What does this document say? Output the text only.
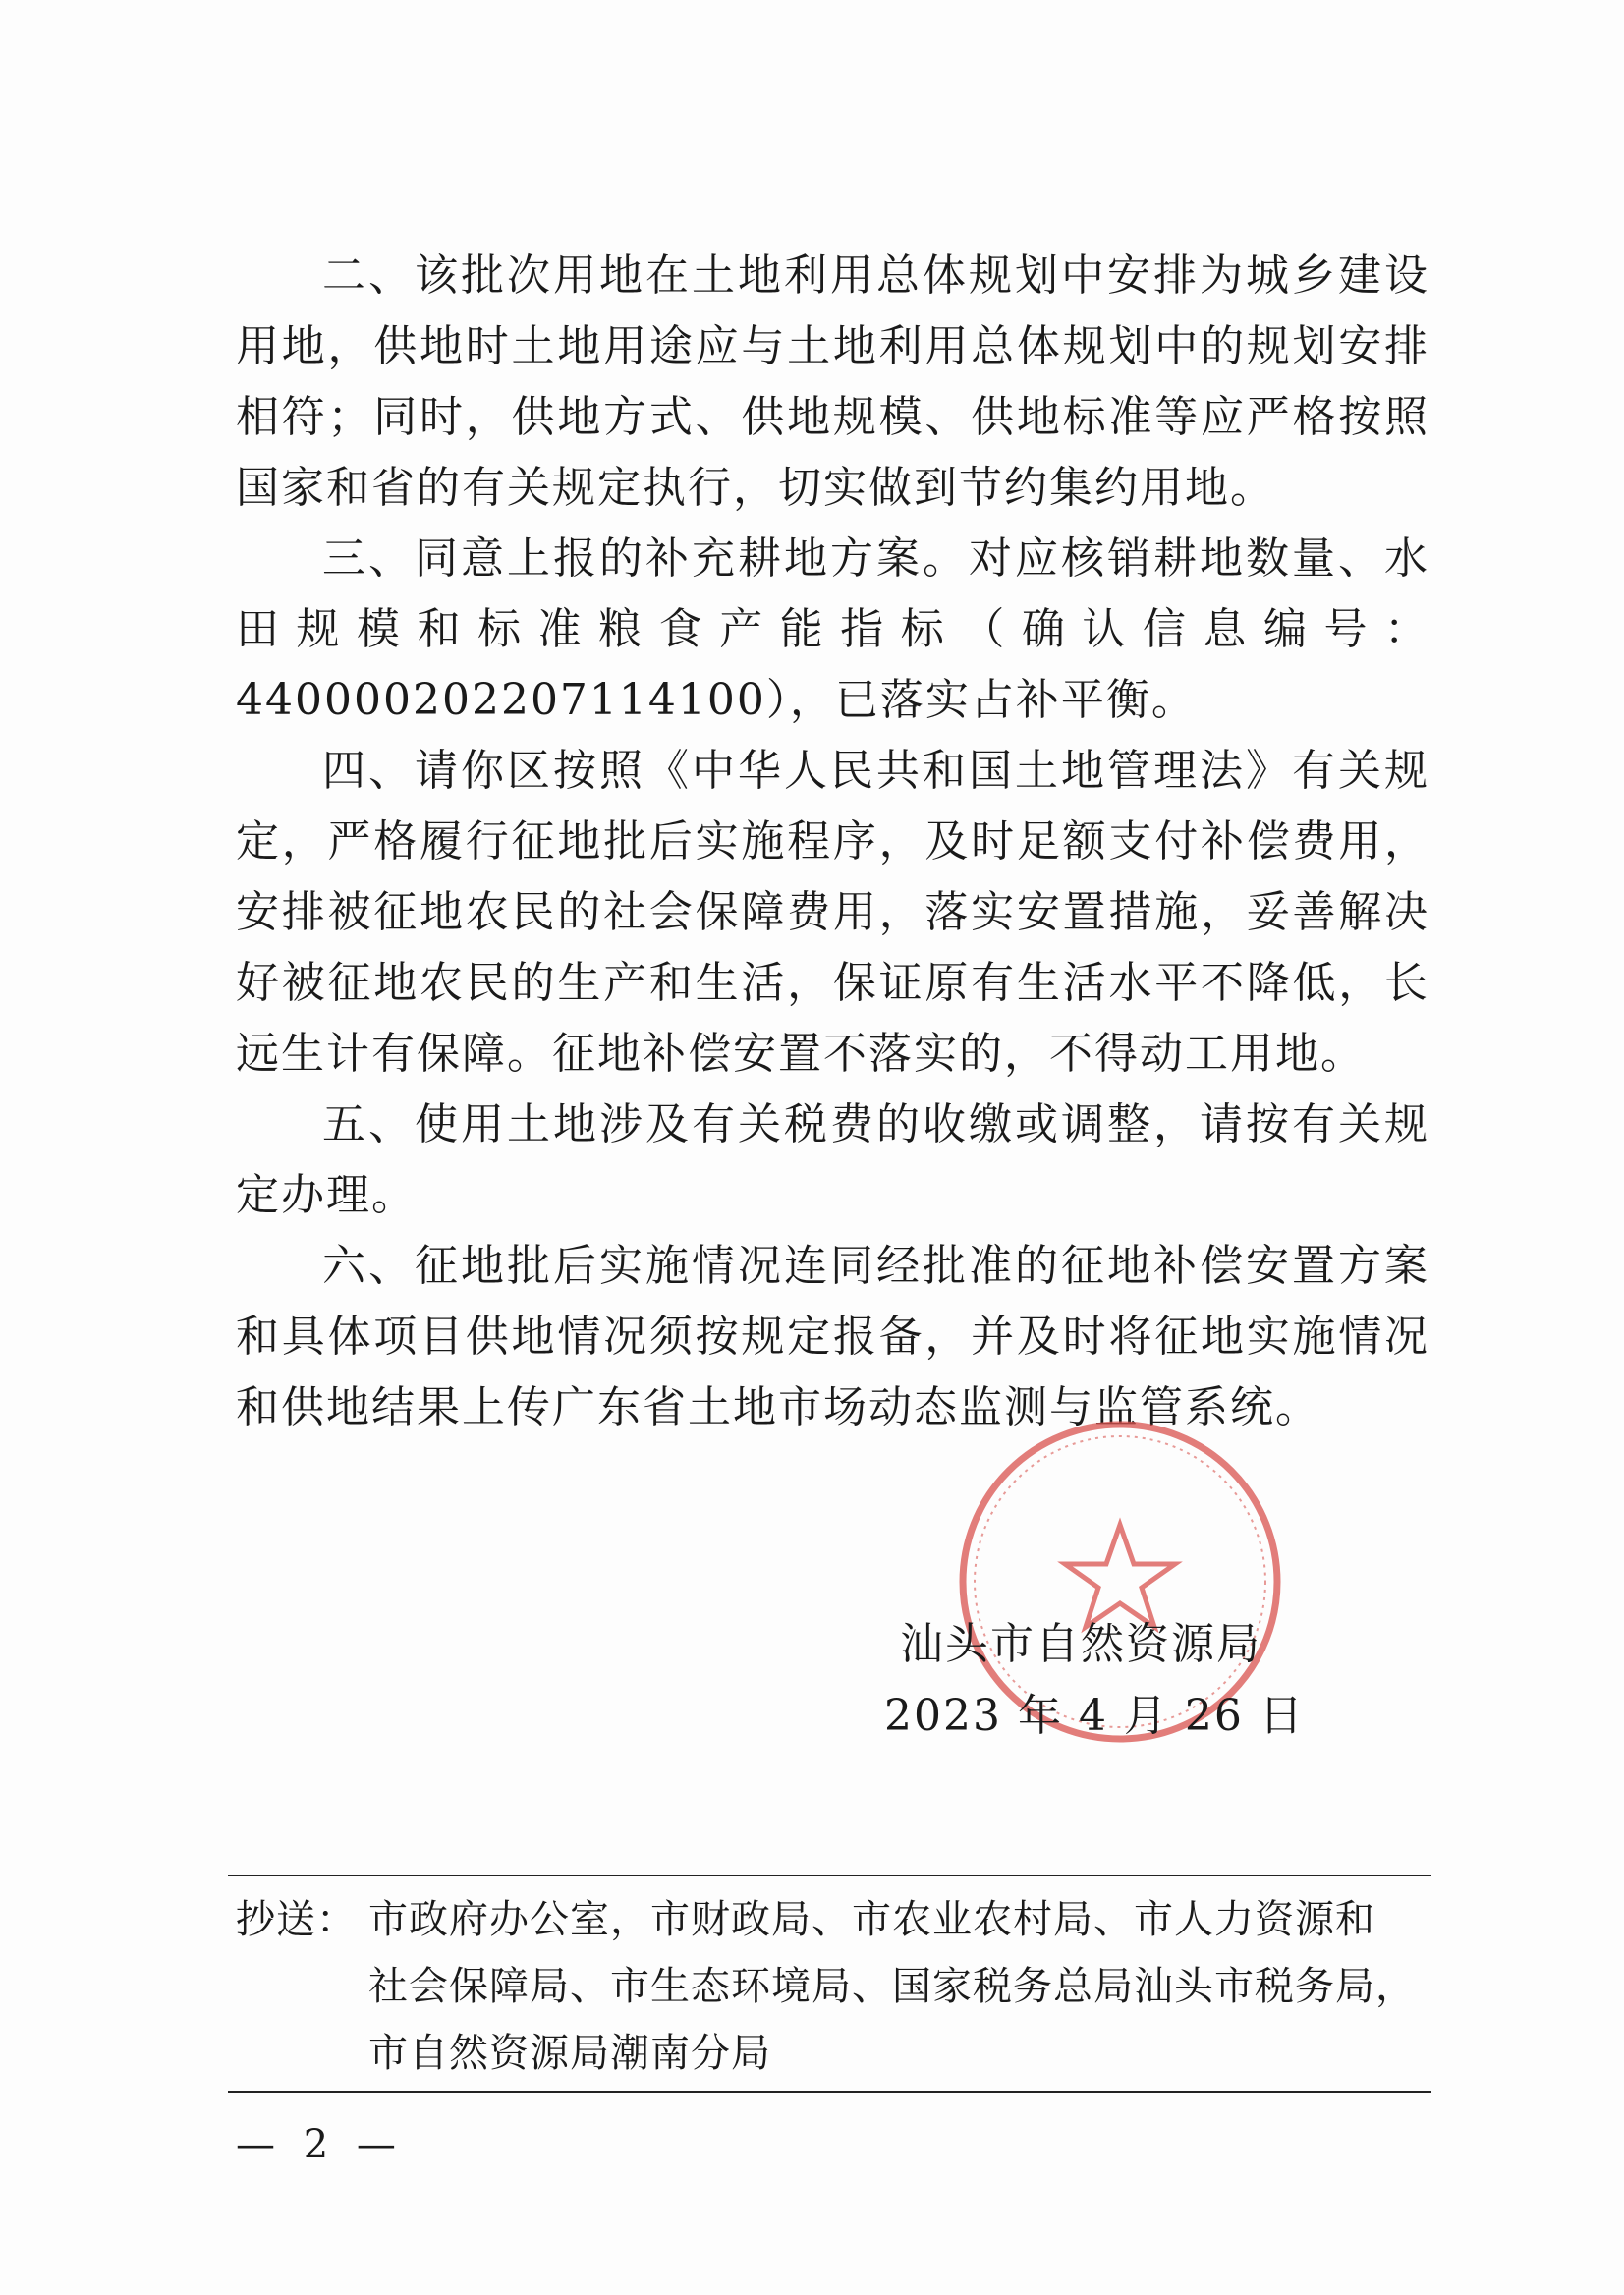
二、该批次用地在土地利用总体规划中安排为城乡建设用地，供地时土地用途应与土地利用总体规划中的规划安排相符；同时，供地方式、供地规模、供地标准等应严格按照国家和省的有关规定执行，切实做到节约集约用地。

三、同意上报的补充耕地方案。对应核销耕地数量、水田规模和标准粮食产能指标（确认信息编号：440000202207114100），已落实占补平衡。

四、请你区按照《中华人民共和国土地管理法》有关规定，严格履行征地批后实施程序，及时足额支付补偿费用，安排被征地农民的社会保障费用，落实安置措施，妥善解决好被征地农民的生产和生活，保证原有生活水平不降低，长远生计有保障。征地补偿安置不落实的，不得动工用地。

五、使用土地涉及有关税费的收缴或调整，请按有关规定办理。

六、征地批后实施情况连同经批准的征地补偿安置方案和具体项目供地情况须按规定报备，并及时将征地实施情况和供地结果上传广东省土地市场动态监测与监管系统。

汕头市自然资源局
2023 年 4 月 26 日
抄送： 市政府办公室，市财政局、市农业农村局、市人力资源和
社会保障局、市生态环境局、国家税务总局汕头市税务局，
市自然资源局潮南分局
— 2 —
